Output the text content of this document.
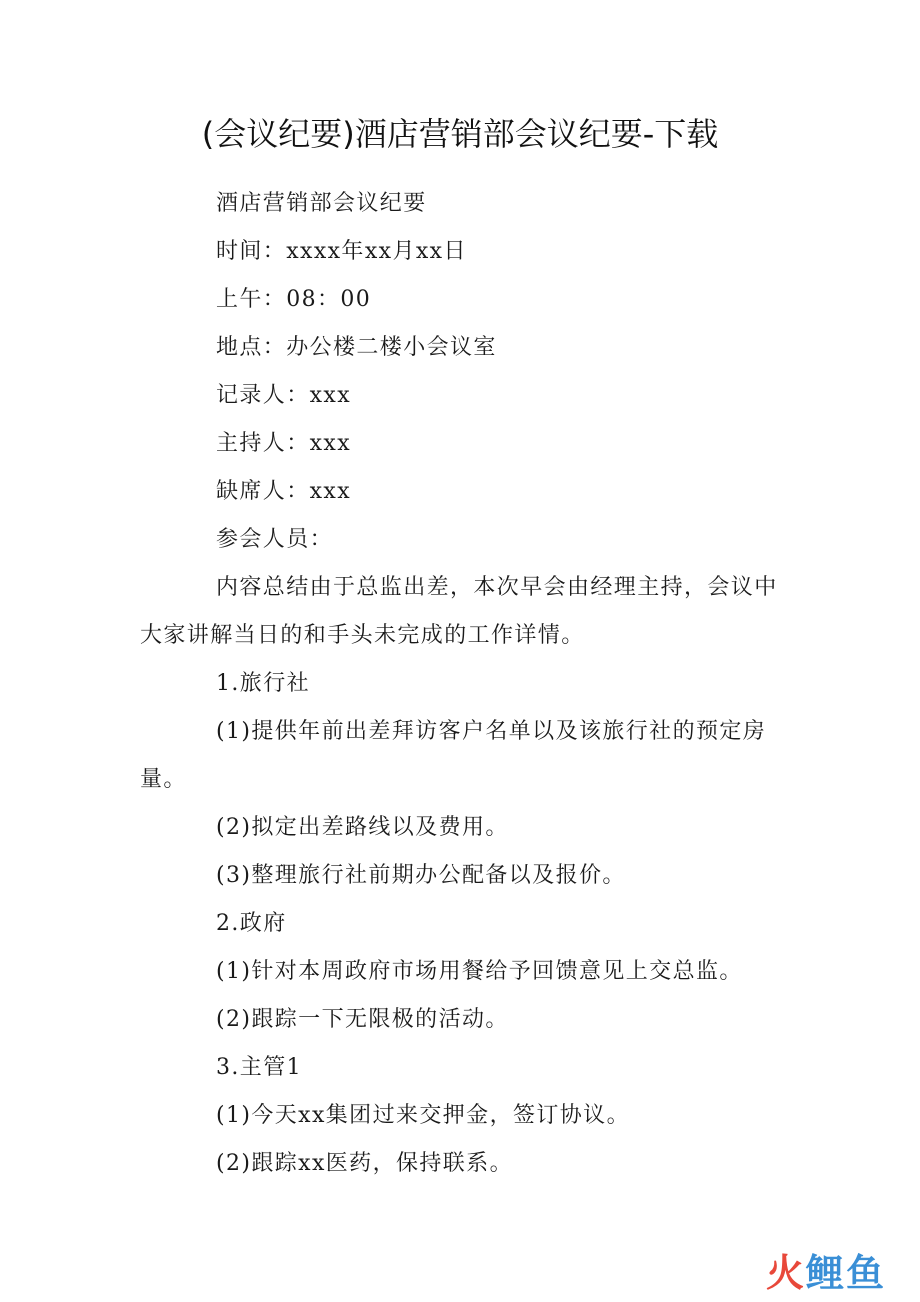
(会议纪要)酒店营销部会议纪要-下载
酒店营销部会议纪要
时间：xxxx年xx月xx日
上午：08：00
地点：办公楼二楼小会议室
记录人：xxx
主持人：xxx
缺席人：xxx
参会人员：
内容总结由于总监出差，本次早会由经理主持，会议中大家讲解当日的和手头未完成的工作详情。
1.旅行社
(1)提供年前出差拜访客户名单以及该旅行社的预定房量。
(2)拟定出差路线以及费用。
(3)整理旅行社前期办公配备以及报价。
2.政府
(1)针对本周政府市场用餐给予回馈意见上交总监。
(2)跟踪一下无限极的活动。
3.主管1
(1)今天xx集团过来交押金，签订协议。
(2)跟踪xx医药，保持联系。
火鲤鱼
